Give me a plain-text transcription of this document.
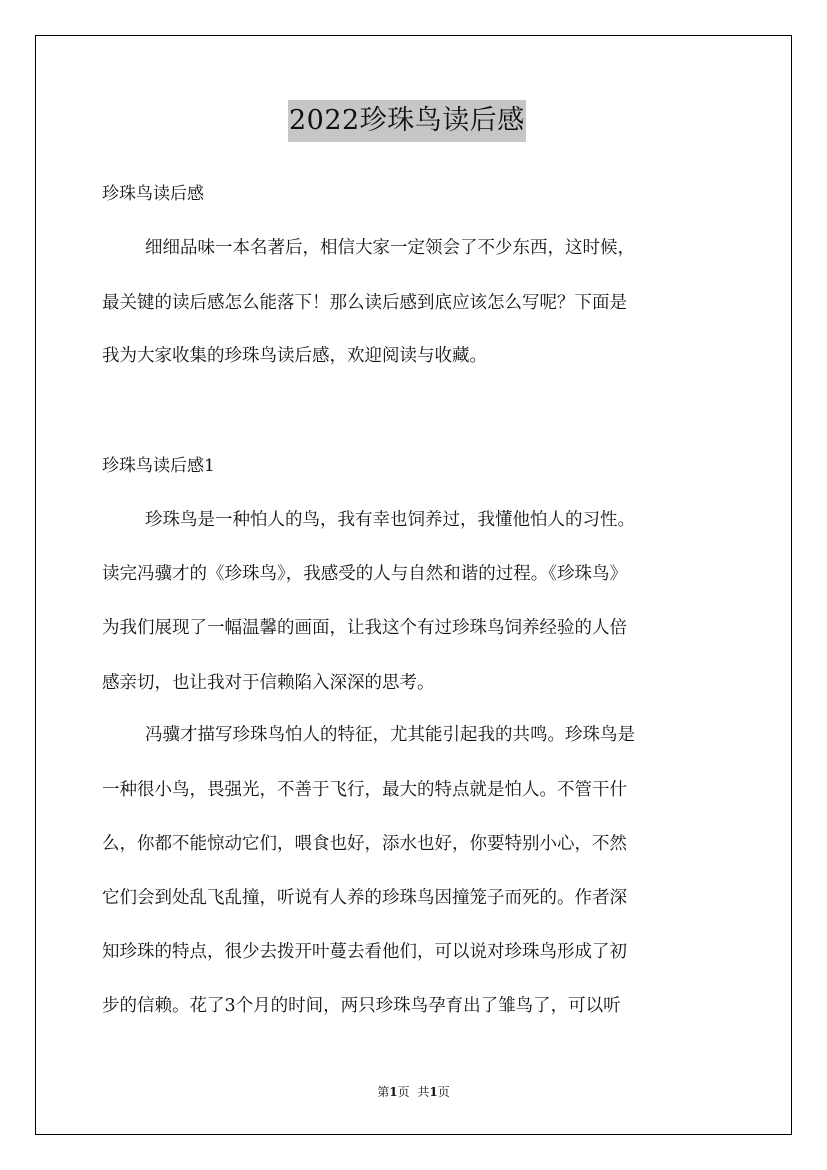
2022珍珠鸟读后感
珍珠鸟读后感
细细品味一本名著后，相信大家一定领会了不少东西，这时候，
最关键的读后感怎么能落下！那么读后感到底应该怎么写呢？下面是
我为大家收集的珍珠鸟读后感，欢迎阅读与收藏。
珍珠鸟读后感1
珍珠鸟是一种怕人的鸟，我有幸也饲养过，我懂他怕人的习性。
读完冯骥才的《珍珠鸟》，我感受的人与自然和谐的过程。《珍珠鸟》
为我们展现了一幅温馨的画面，让我这个有过珍珠鸟饲养经验的人倍
感亲切，也让我对于信赖陷入深深的思考。
冯骥才描写珍珠鸟怕人的特征，尤其能引起我的共鸣。珍珠鸟是
一种很小鸟，畏强光，不善于飞行，最大的特点就是怕人。不管干什
么，你都不能惊动它们，喂食也好，添水也好，你要特别小心，不然
它们会到处乱飞乱撞，听说有人养的珍珠鸟因撞笼子而死的。作者深
知珍珠的特点，很少去拨开叶蔓去看他们，可以说对珍珠鸟形成了初
步的信赖。花了3个月的时间，两只珍珠鸟孕育出了雏鸟了，可以听
第1页 共1页
